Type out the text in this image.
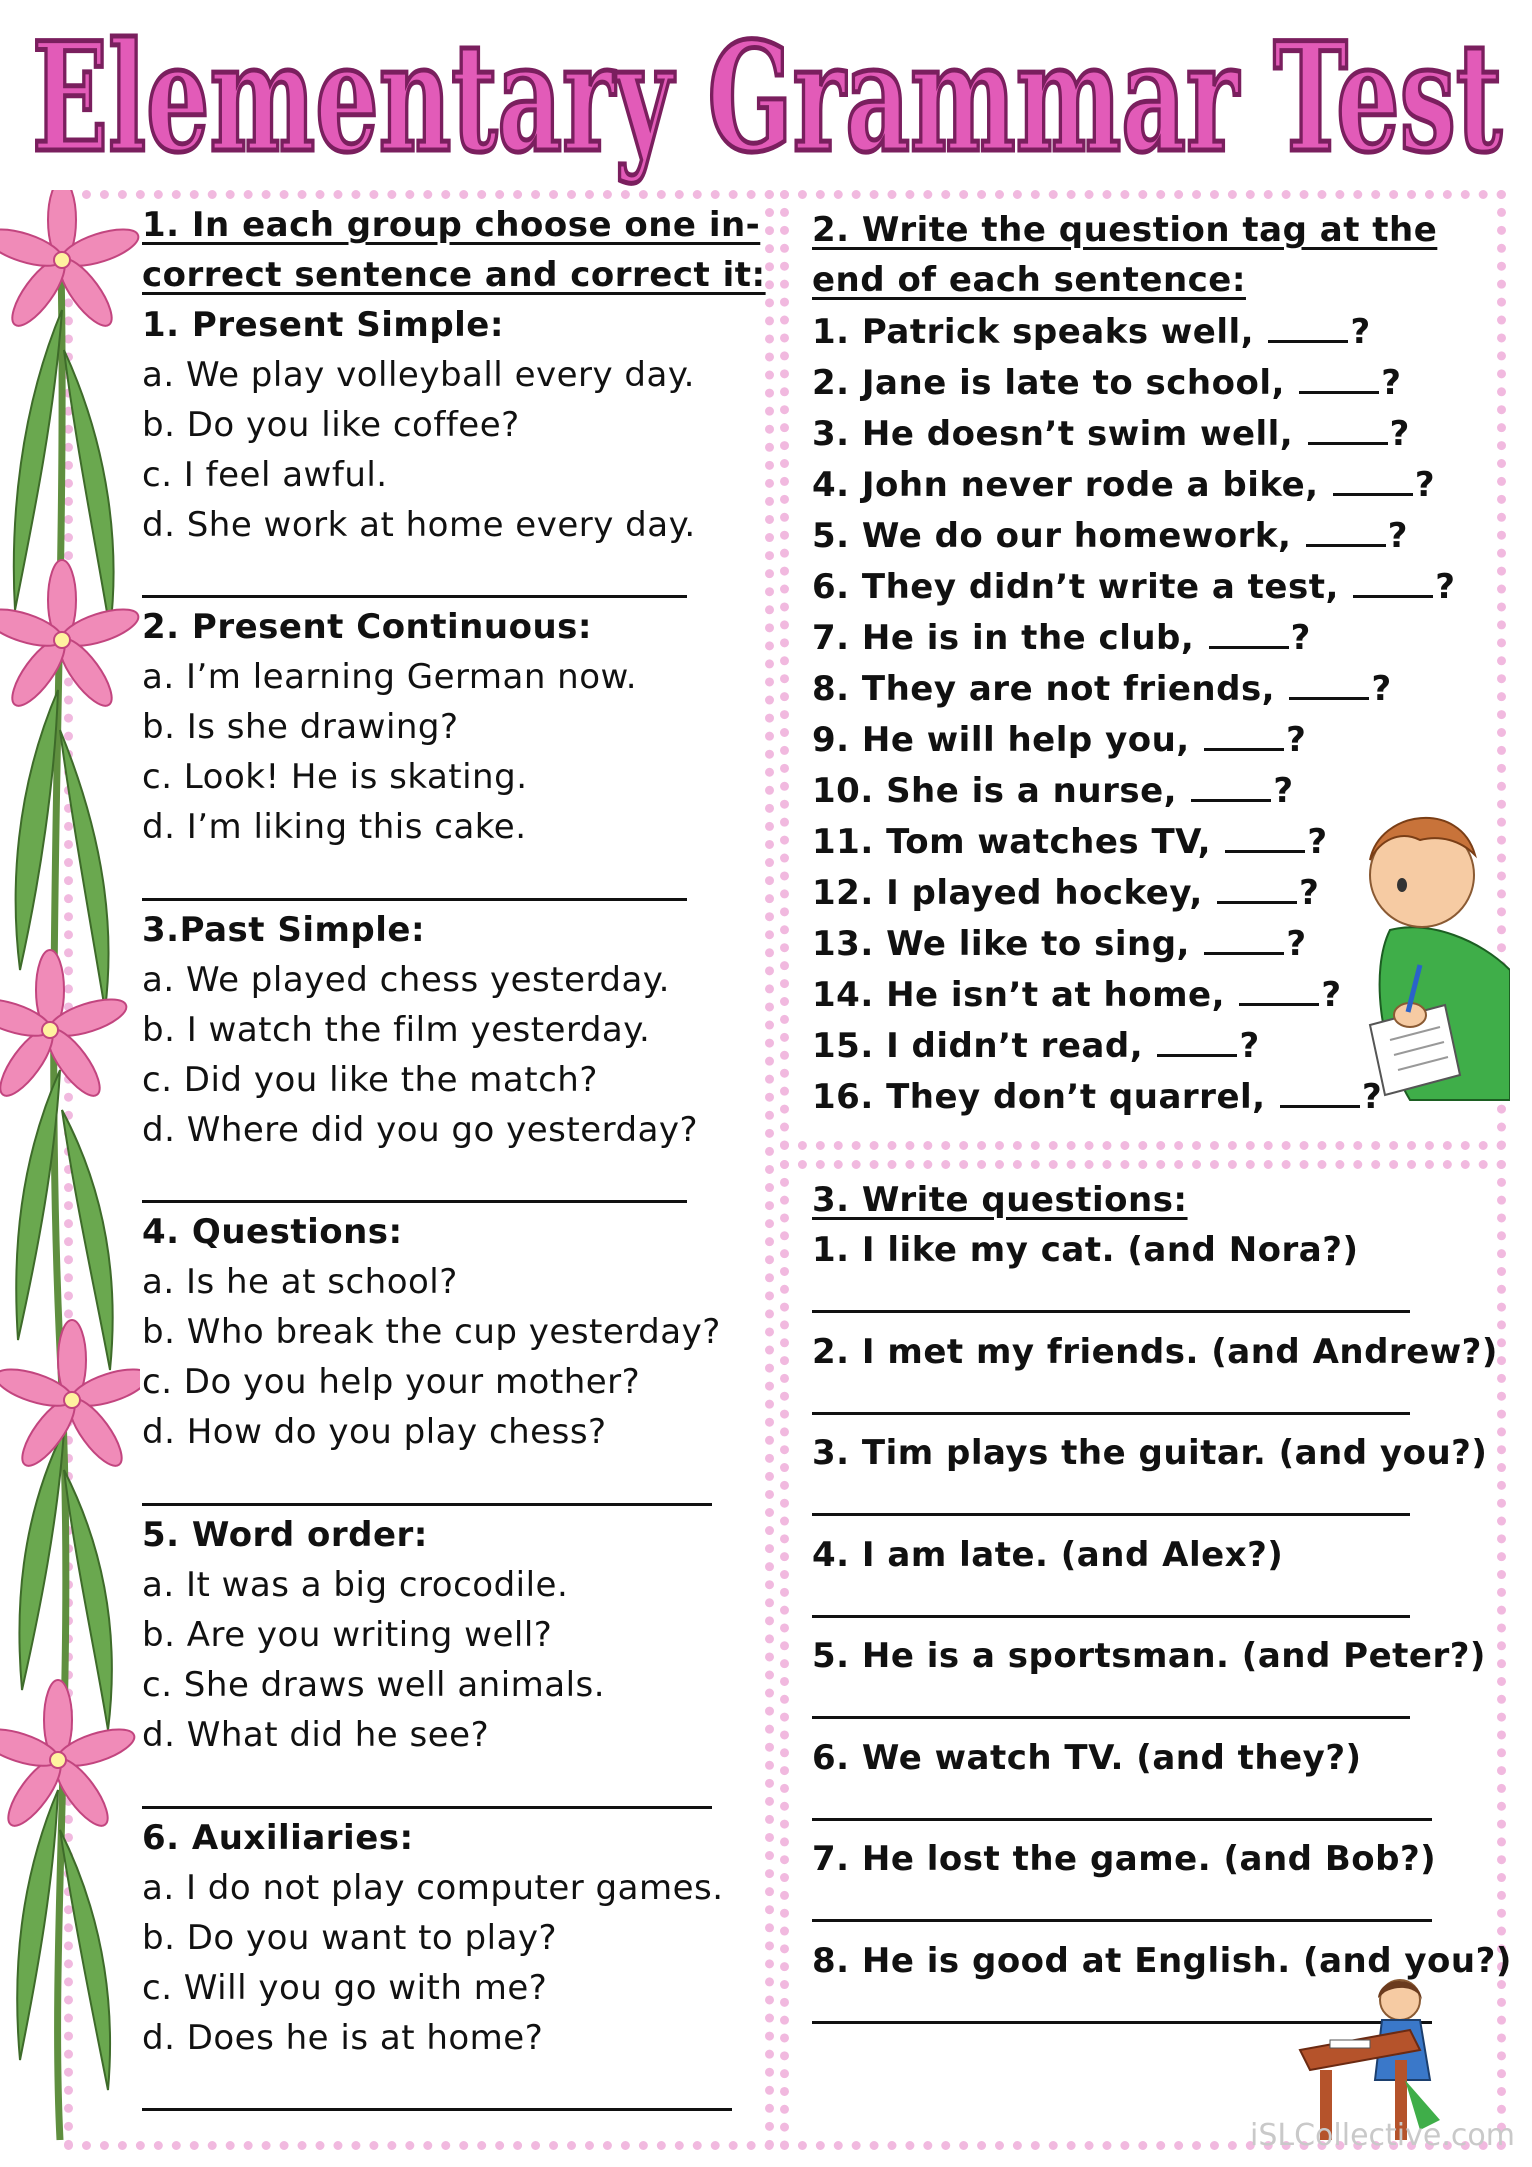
Elementary Grammar Test
1. In each group choose one in-
correct sentence and correct it:
1. Present Simple:
a. We play volleyball every day.
b. Do you like coffee?
c. I feel awful.
d. She work at home every day.
2. Present Continuous:
a. I’m learning German now.
b. Is she drawing?
c. Look! He is skating.
d. I’m liking this cake.
3.Past Simple:
a. We played chess yesterday.
b. I watch the film yesterday.
c. Did you like the match?
d. Where did you go yesterday?
4. Questions:
a. Is he at school?
b. Who break the cup yesterday?
c. Do you help your mother?
d. How do you play chess?
5. Word order:
a. It was a big crocodile.
b. Are you writing well?
c. She draws well animals.
d. What did he see?
6. Auxiliaries:
a. I do not play computer games.
b. Do you want to play?
c. Will you go with me?
d. Does he is at home?
2. Write the question tag at the
end of each sentence:
1. Patrick speaks well,	?
2. Jane is late to school,	?
3. He doesn’t swim well,	?
4. John never rode a bike,	?
5. We do our homework,	?
6. They didn’t write a test,	?
7. He is in the club,	?
8. They are not friends,	?
9. He will help you,	?
10. She is a nurse,	?
11. Tom watches TV,	?
12. I played hockey,	?
13. We like to sing,	?
14. He isn’t at home,	?
15. I didn’t read,	?
16. They don’t quarrel,	?
3. Write questions:
1. I like my cat. (and Nora?)
2. I met my friends. (and Andrew?)
3. Tim plays the guitar. (and you?)
4. I am late. (and Alex?)
5. He is a sportsman. (and Peter?)
6. We watch TV. (and they?)
7. He lost the game. (and Bob?)
8. He is good at English. (and you?)
iSLCollective.com
